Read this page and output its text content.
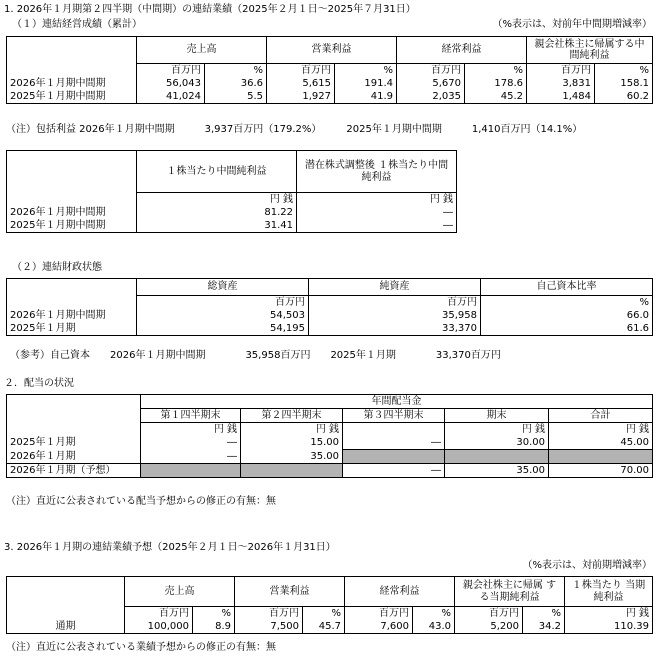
1. 2026年１月期第２四半期（中間期）の連結業績（2025年２月１日～2025年７月31日）
（１）連結経営成績（累計）	（%表示は、対前年中間期増減率）
	売上高		営業利益		経常利益		親会社株主に帰属する中間純利益	
	百万円	%	百万円	%	百万円	%	百万円	%
2026年１月期中間期	56,043	36.6	5,615	191.4	5,670	178.6	3,831	158.1
2025年１月期中間期	41,024	5.5	1,927	41.9	2,035	45.2	1,484	60.2
（注）包括利益 2026年１月期中間期　　　3,937百万円（179.2%）　　　2025年１月期中間期　　　1,410百万円（14.1%）
	１株当たり中間純利益	潜在株式調整後 １株当たり中間純利益
	円 銭	円 銭
2026年１月期中間期	81.22	―
2025年１月期中間期	31.41	―
（２）連結財政状態
	総資産	純資産	自己資本比率
	百万円	百万円	%
2026年１月期中間期	54,503	35,958	66.0
2025年１月期	54,195	33,370	61.6
（参考）自己資本　　2026年１月期中間期　　　　35,958百万円　　2025年１月期　　　　33,370百万円
２．配当の状況
	年間配当金				
	第１四半期末	第２四半期末	第３四半期末	期末	合計
	円 銭	円 銭		円 銭	円 銭
2025年１月期	―	15.00	―	30.00	45.00
2026年１月期	―	35.00			
2026年１月期（予想）			―	35.00	70.00
（注）直近に公表されている配当予想からの修正の有無：無
3. 2026年１月期の連結業績予想（2025年２月１日～2026年１月31日）
（%表示は、対前期増減率）
	売上高		営業利益		経常利益		親会社株主に帰属 する当期純利益		１株当たり 当期純利益
	百万円	%	百万円	%	百万円	%	百万円	%	円 銭
通期	100,000	8.9	7,500	45.7	7,600	43.0	5,200	34.2	110.39
（注）直近に公表されている業績予想からの修正の有無：無
